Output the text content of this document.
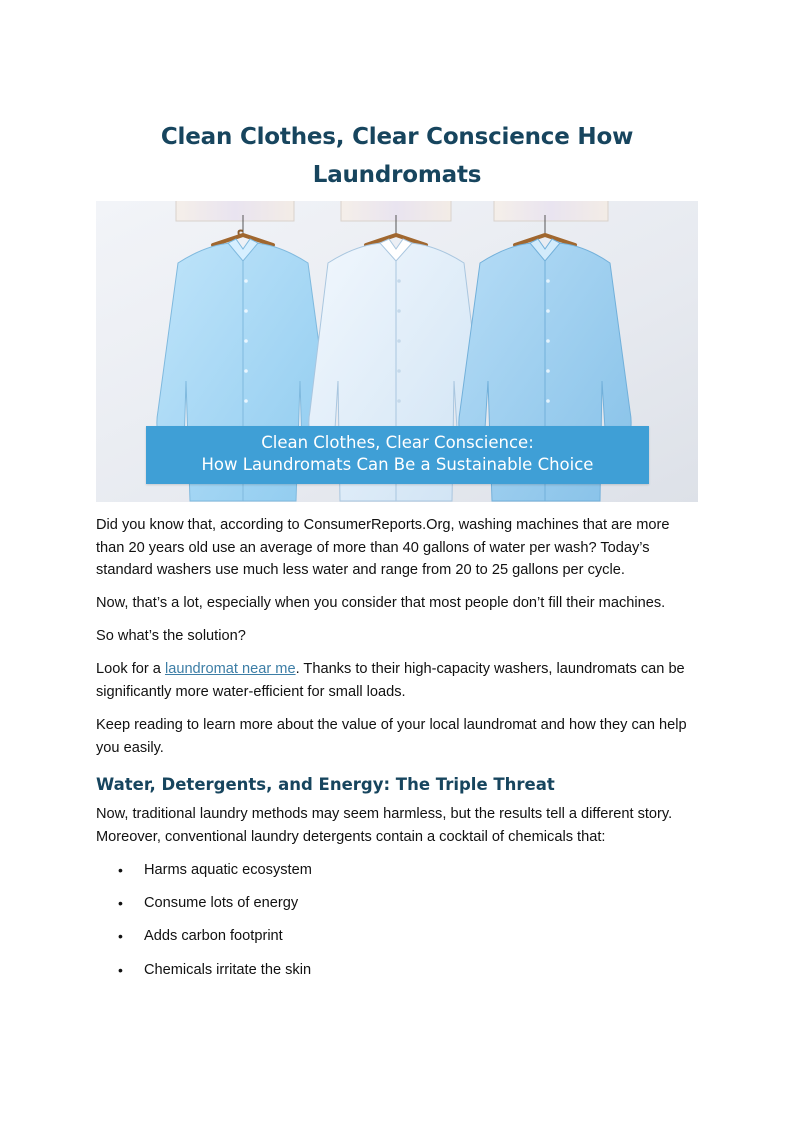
Clean Clothes, Clear Conscience How Laundromats

Clean Clothes, Clear Conscience:
How Laundromats Can Be a Sustainable Choice

Did you know that, according to ConsumerReports.Org, washing machines that are more than 20 years old use an average of more than 40 gallons of water per wash? Today’s standard washers use much less water and range from 20 to 25 gallons per cycle.

Now, that’s a lot, especially when you consider that most people don’t fill their machines.

So what’s the solution?

Look for a laundromat near me. Thanks to their high-capacity washers, laundromats can be significantly more water-efficient for small loads.

Keep reading to learn more about the value of your local laundromat and how they can help you easily.

Water, Detergents, and Energy: The Triple Threat

Now, traditional laundry methods may seem harmless, but the results tell a different story. Moreover, conventional laundry detergents contain a cocktail of chemicals that:

• Harms aquatic ecosystem
• Consume lots of energy
• Adds carbon footprint
• Chemicals irritate the skin
